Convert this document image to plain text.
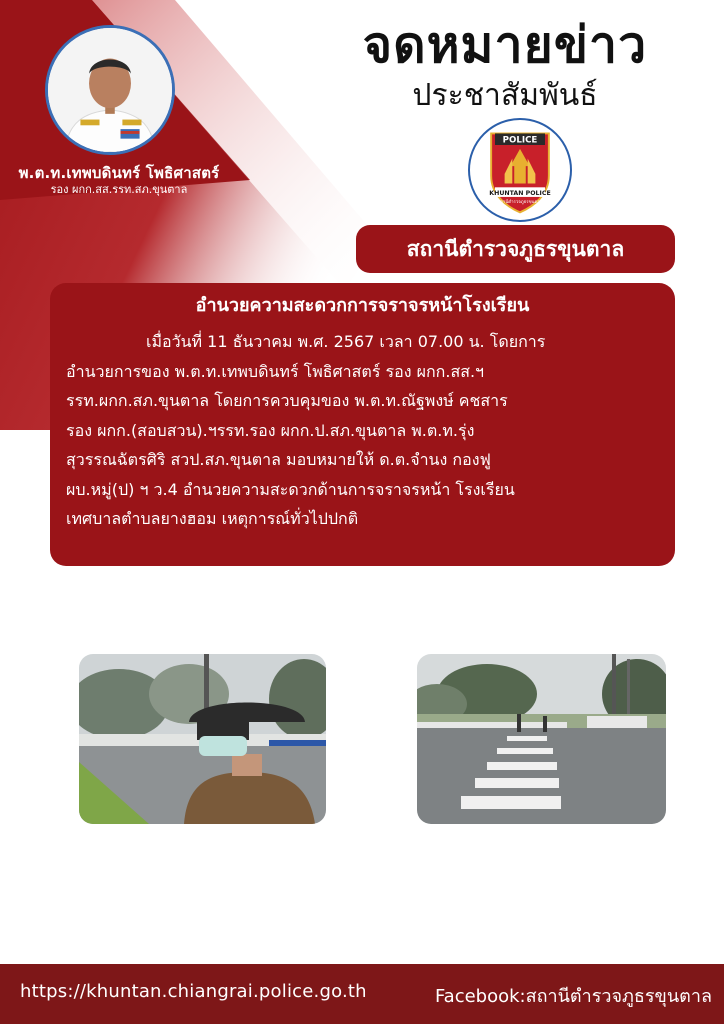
พ.ต.ท.เทพบดินทร์ โพธิศาสตร์
รอง ผกก.สส.รรท.สภ.ขุนตาล
จดหมายข่าว
ประชาสัมพันธ์
POLICE
KHUNTAN POLICE
สถานีตำรวจภูธรขุนตาล
สถานีตำรวจภูธรขุนตาล
อำนวยความสะดวกการจราจรหน้าโรงเรียน

เมื่อวันที่ 11 ธันวาคม พ.ศ. 2567 เวลา 07.00 น. โดยการ

อำนวยการของ พ.ต.ท.เทพบดินทร์ โพธิศาสตร์ รอง ผกก.สส.ฯ

รรท.ผกก.สภ.ขุนตาล โดยการควบคุมของ พ.ต.ท.ณัฐพงษ์ คชสาร

รอง ผกก.(สอบสวน).ฯรรท.รอง ผกก.ป.สภ.ขุนตาล พ.ต.ท.รุ่ง

สุวรรณฉัตรศิริ สวป.สภ.ขุนตาล มอบหมายให้ ด.ต.จำนง กองฟู

ผบ.หมู่(ป) ฯ ว.4 อำนวยความสะดวกด้านการจราจรหน้า โรงเรียน

เทศบาลตำบลยางฮอม เหตุการณ์ทั่วไปปกติ

https://khuntan.chiangrai.police.go.th	Facebook:สถานีตำรวจภูธรขุนตาล
